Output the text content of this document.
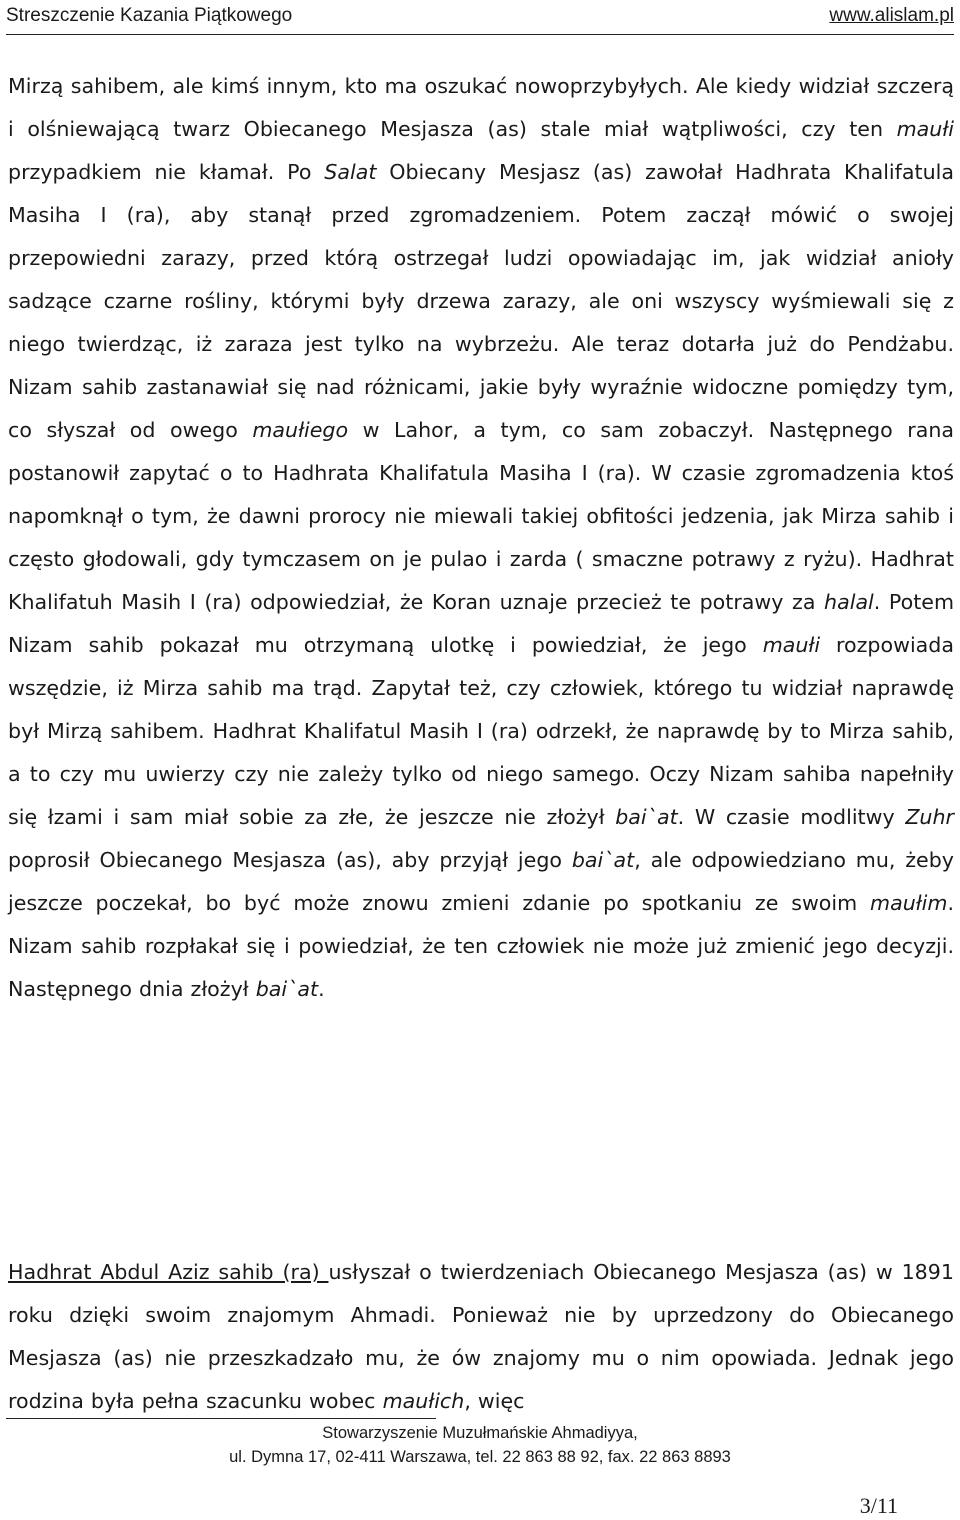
Streszczenie Kazania Piątkowego	www.alislam.pl

Mirzą sahibem, ale kimś innym, kto ma oszukać nowoprzybyłych. Ale kiedy widział szczerą i olśniewającą twarz Obiecanego Mesjasza (as) stale miał wątpliwości, czy ten maułi przypadkiem nie kłamał. Po Salat Obiecany Mesjasz (as) zawołał Hadhrata Khalifatula Masiha I (ra), aby stanął przed zgromadzeniem. Potem zaczął mówić o swojej przepowiedni zarazy, przed którą ostrzegał ludzi opowiadając im, jak widział anioły sadzące czarne rośliny, którymi były drzewa zarazy, ale oni wszyscy wyśmiewali się z niego twierdząc, iż zaraza jest tylko na wybrzeżu. Ale teraz dotarła już do Pendżabu. Nizam sahib zastanawiał się nad różnicami, jakie były wyraźnie widoczne pomiędzy tym, co słyszał od owego maułiego w Lahor, a tym, co sam zobaczył. Następnego rana postanowił zapytać o to Hadhrata Khalifatula Masiha I (ra). W czasie zgromadzenia ktoś napomknął o tym, że dawni prorocy nie miewali takiej obfitości jedzenia, jak Mirza sahib i często głodowali, gdy tymczasem on je pulao i zarda ( smaczne potrawy z ryżu). Hadhrat Khalifatuh Masih I (ra) odpowiedział, że Koran uznaje przecież te potrawy za halal. Potem Nizam sahib pokazał mu otrzymaną ulotkę i powiedział, że jego maułi rozpowiada wszędzie, iż Mirza sahib ma trąd. Zapytał też, czy człowiek, którego tu widział naprawdę był Mirzą sahibem. Hadhrat Khalifatul Masih I (ra) odrzekł, że naprawdę by to Mirza sahib, a to czy mu uwierzy czy nie zależy tylko od niego samego. Oczy Nizam sahiba napełniły się łzami i sam miał sobie za złe, że jeszcze nie złożył bai`at. W czasie modlitwy Zuhr poprosił Obiecanego Mesjasza (as), aby przyjął jego bai`at, ale odpowiedziano mu, żeby jeszcze poczekał, bo być może znowu zmieni zdanie po spotkaniu ze swoim maułim. Nizam sahib rozpłakał się i powiedział, że ten człowiek nie może już zmienić jego decyzji. Następnego dnia złożył bai`at.

Hadhrat Abdul Aziz sahib (ra) usłyszał o twierdzeniach Obiecanego Mesjasza (as) w 1891 roku dzięki swoim znajomym Ahmadi. Ponieważ nie by uprzedzony do Obiecanego Mesjasza (as) nie przeszkadzało mu, że ów znajomy mu o nim opowiada. Jednak jego rodzina była pełna szacunku wobec maułich, więc

Stowarzyszenie Muzułmańskie Ahmadiyya,
ul. Dymna 17, 02-411 Warszawa, tel. 22 863 88 92, fax. 22 863 8893
3/11
